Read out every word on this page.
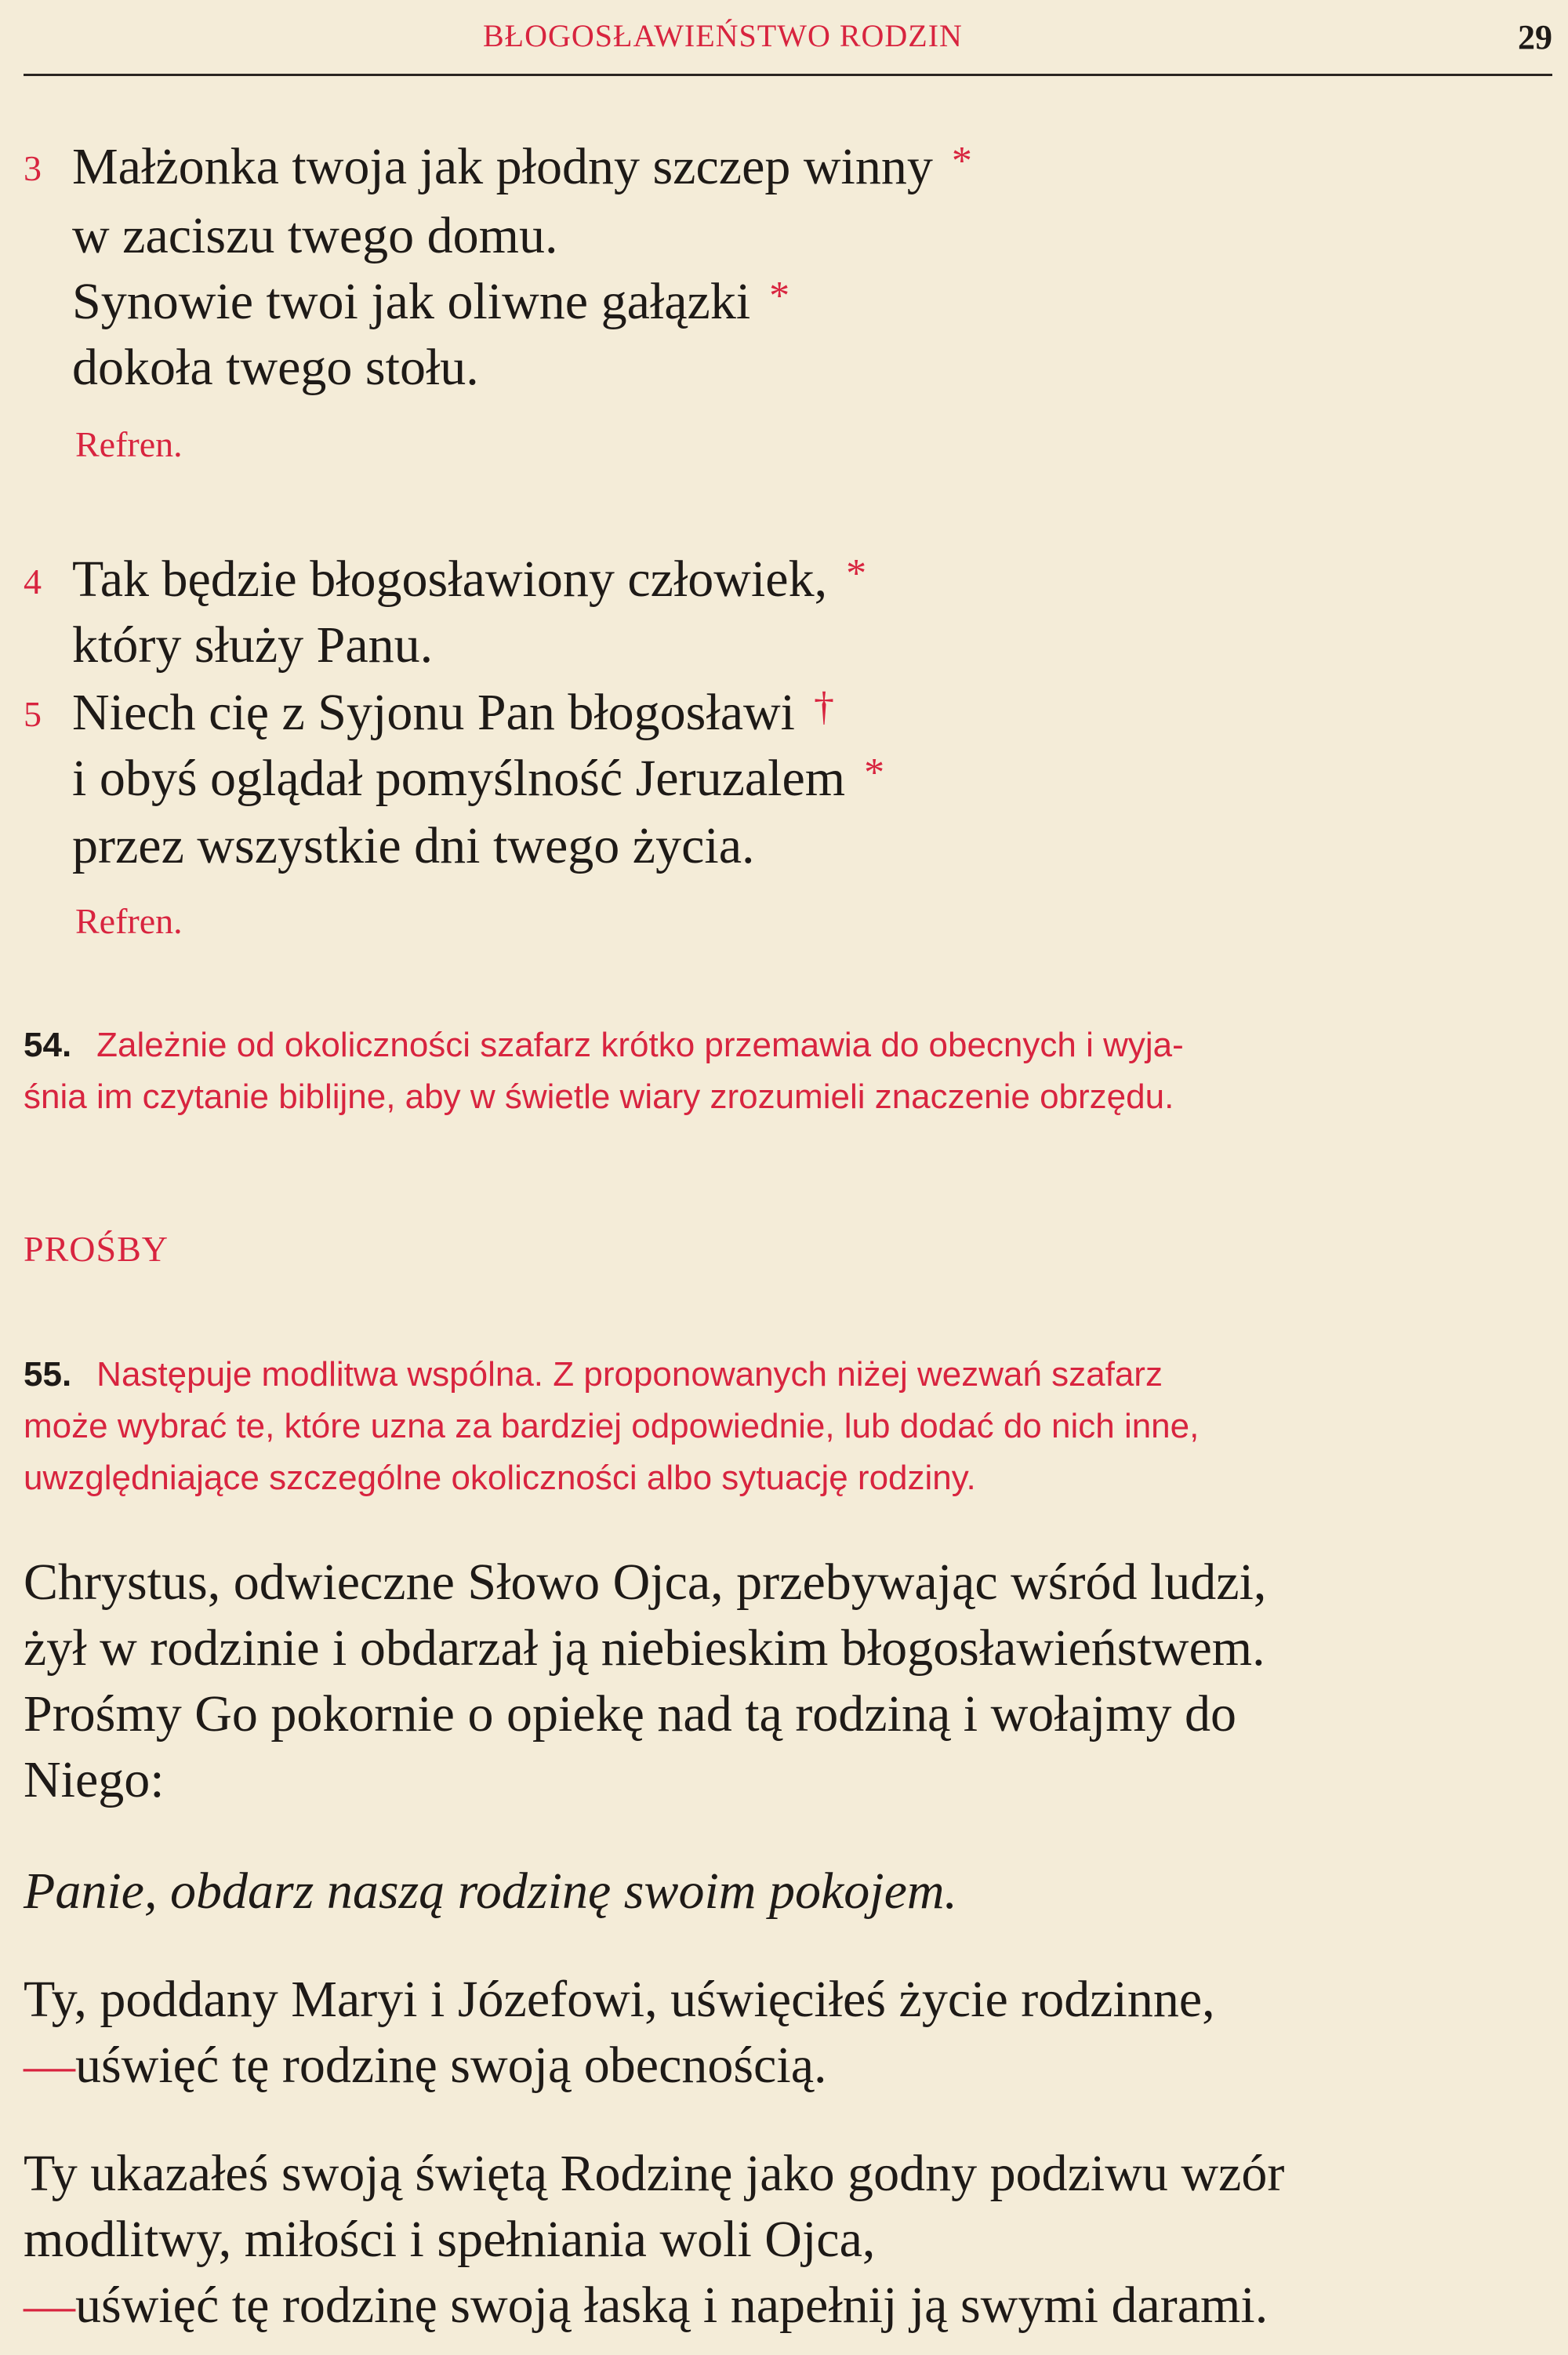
BŁOGOSŁAWIEŃSTWO RODZIN	29
3 Małżonka twoja jak płodny szczep winny *
w zaciszu twego domu.
Synowie twoi jak oliwne gałązki *
dokoła twego stołu.
Refren.
4 Tak będzie błogosławiony człowiek, *
który służy Panu.
5 Niech cię z Syjonu Pan błogosławi †
i obyś oglądał pomyślność Jeruzalem *
przez wszystkie dni twego życia.
Refren.
54. Zależnie od okoliczności szafarz krótko przemawia do obecnych i wyja-
śnia im czytanie biblijne, aby w świetle wiary zrozumieli znaczenie obrzędu.
PROŚBY
55. Następuje modlitwa wspólna. Z proponowanych niżej wezwań szafarz
może wybrać te, które uzna za bardziej odpowiednie, lub dodać do nich inne,
uwzględniające szczególne okoliczności albo sytuację rodziny.
Chrystus, odwieczne Słowo Ojca, przebywając wśród ludzi,
żył w rodzinie i obdarzał ją niebieskim błogosławieństwem.
Prośmy Go pokornie o opiekę nad tą rodziną i wołajmy do
Niego:
Panie, obdarz naszą rodzinę swoim pokojem.
Ty, poddany Maryi i Józefowi, uświęciłeś życie rodzinne,
—uświęć tę rodzinę swoją obecnością.
Ty ukazałeś swoją świętą Rodzinę jako godny podziwu wzór
modlitwy, miłości i spełniania woli Ojca,
—uświęć tę rodzinę swoją łaską i napełnij ją swymi darami.
